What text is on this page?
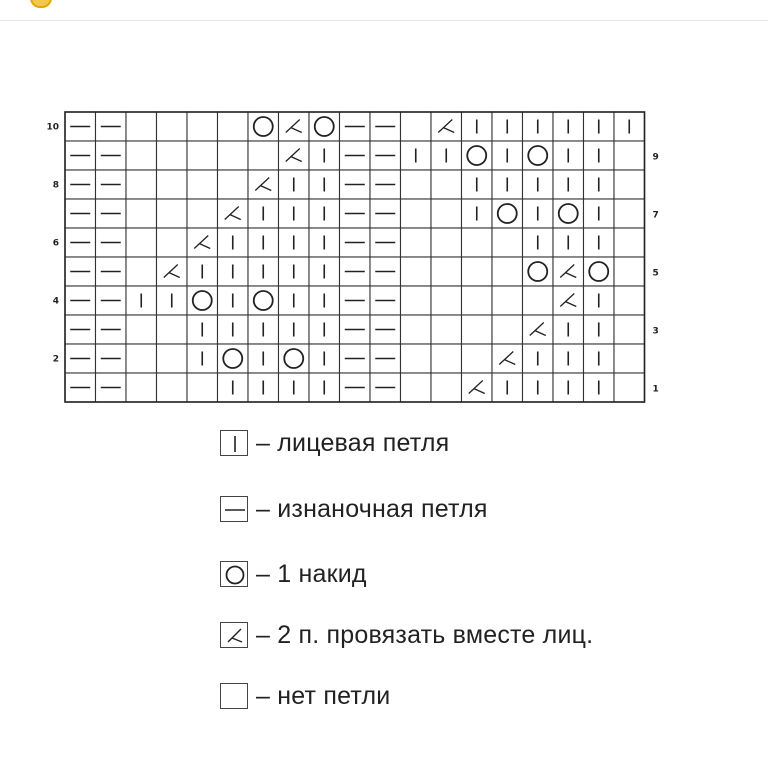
10
8
6
4
2
9
7
5
3
1
– лицевая петля
– изнаночная петля
– 1 накид
– 2 п. провязать вместе лиц.
– нет петли
